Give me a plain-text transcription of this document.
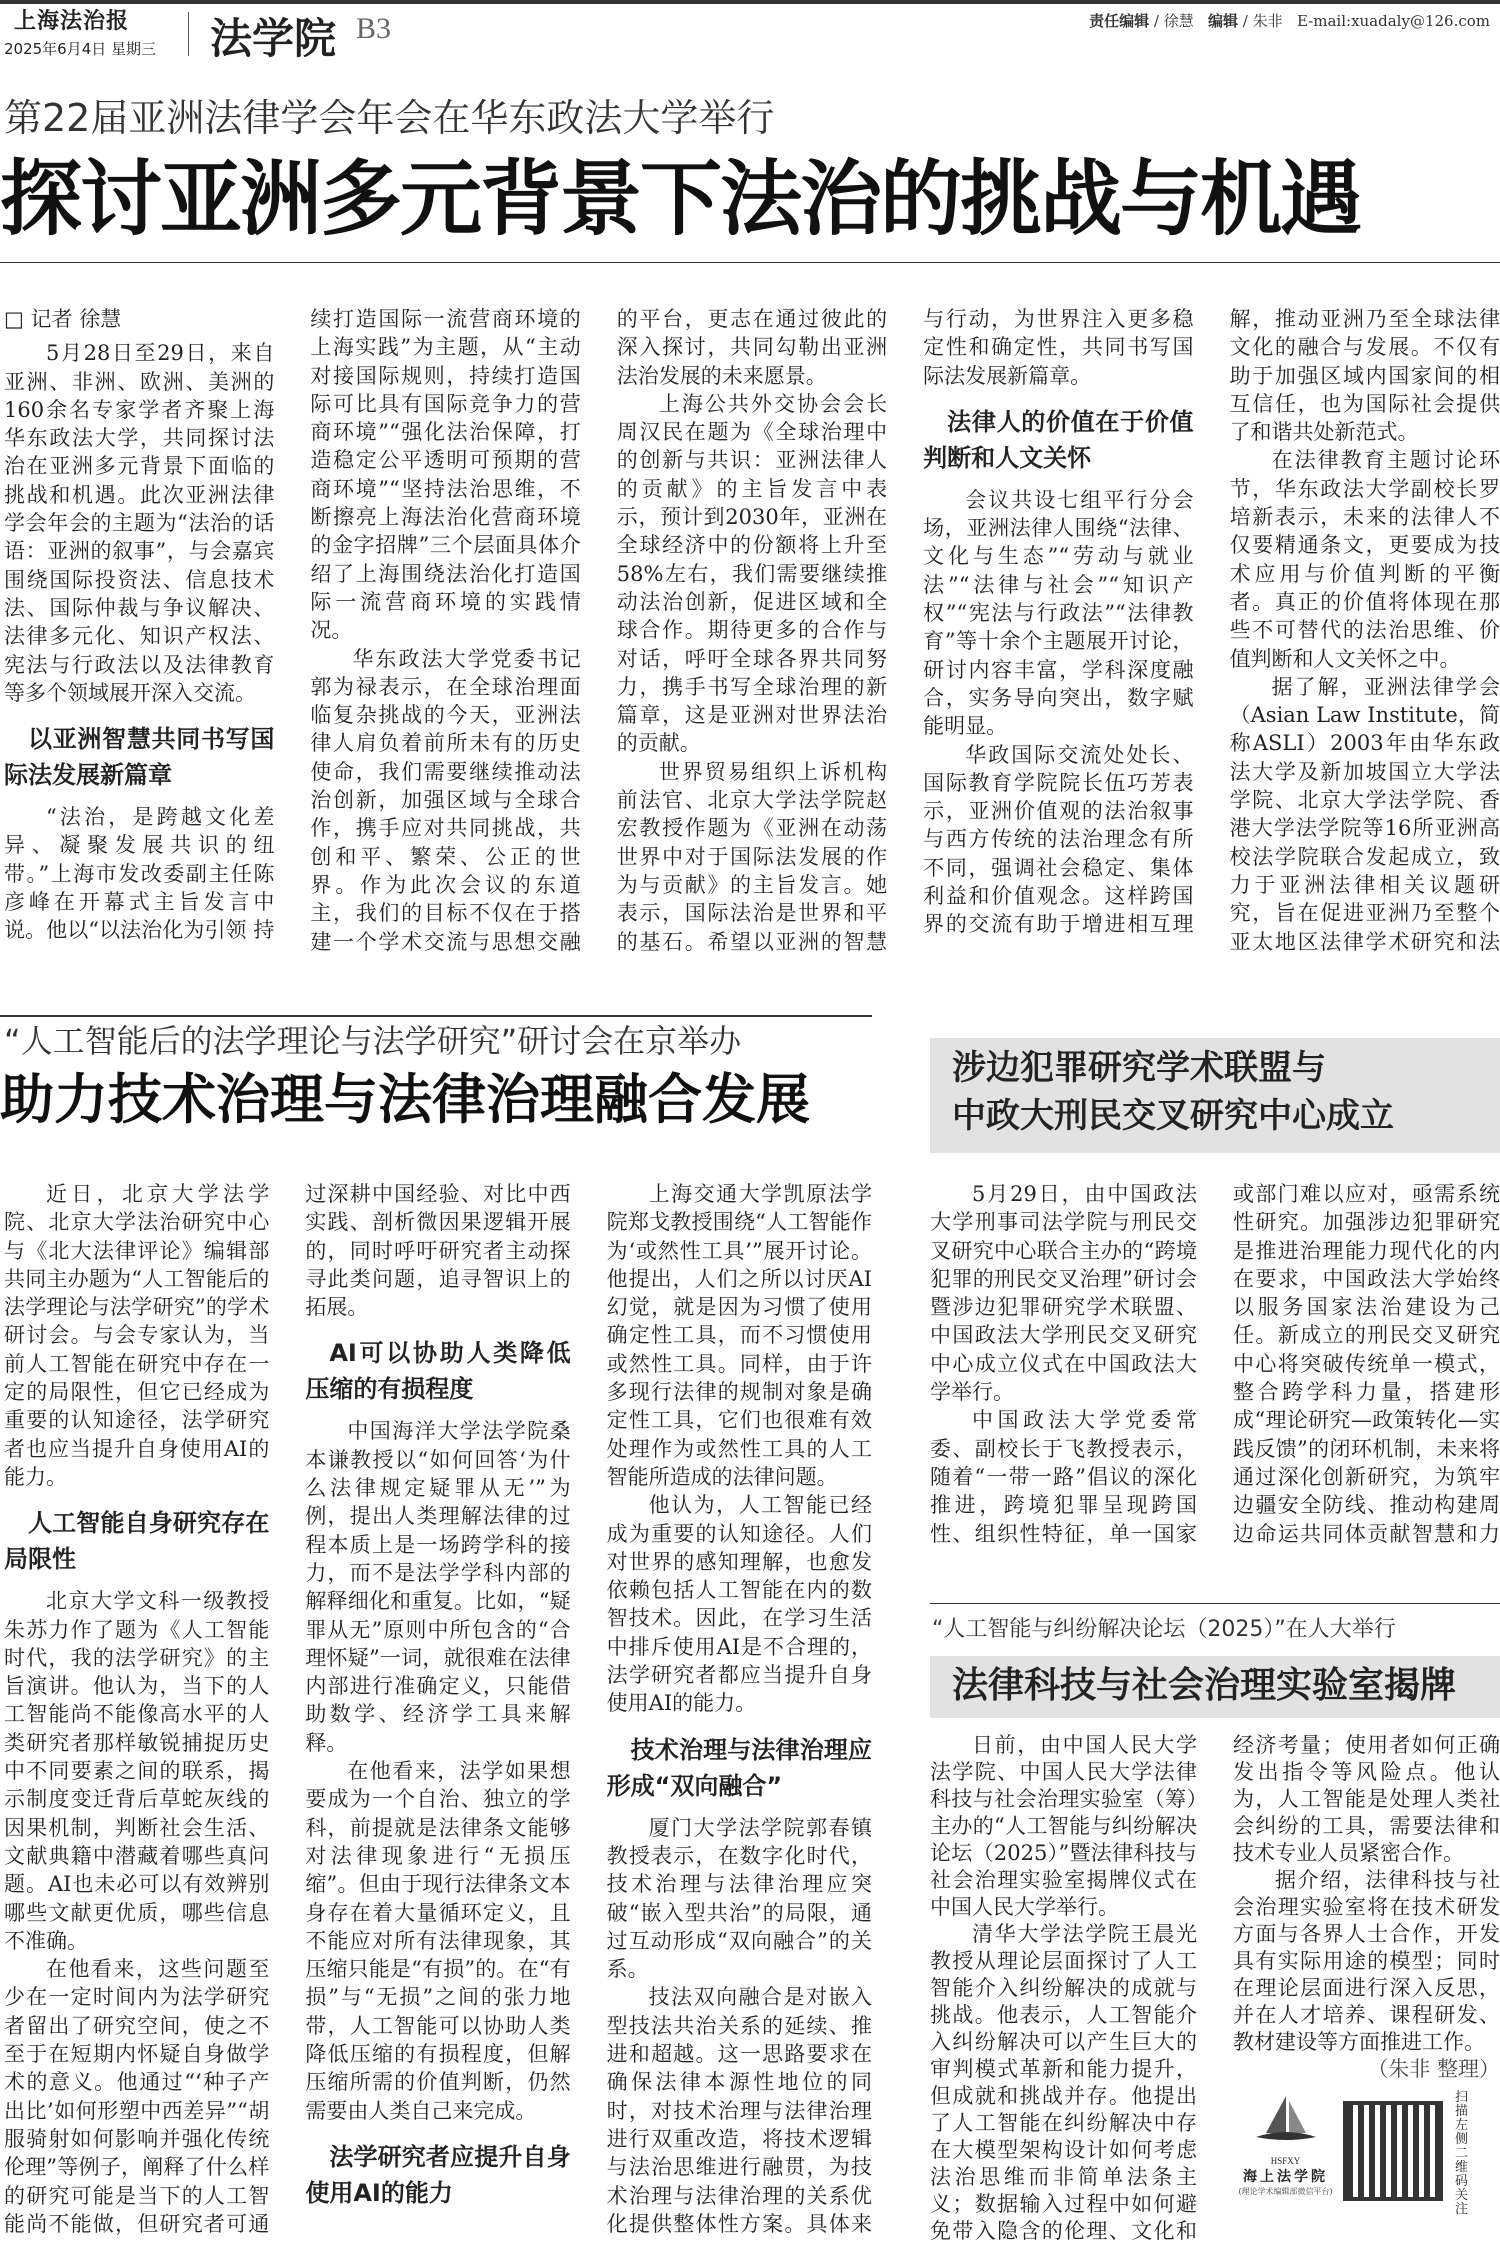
上海法治报
2025年6月4日 星期三 法学院 B3	责任编辑 / 徐慧 编辑 / 朱非 E-mail:xuadaly@126.com
第22届亚洲法律学会年会在华东政法大学举行
探讨亚洲多元背景下法治的挑战与机遇

□ 记者 徐慧

5月28日至29日，来自亚洲、非洲、欧洲、美洲的160余名专家学者齐聚上海华东政法大学，共同探讨法治在亚洲多元背景下面临的挑战和机遇。此次亚洲法律学会年会的主题为“法治的话语：亚洲的叙事”，与会嘉宾围绕国际投资法、信息技术法、国际仲裁与争议解决、法律多元化、知识产权法、宪法与行政法以及法律教育等多个领域展开深入交流。

以亚洲智慧共同书写国际法发展新篇章

“法治，是跨越文化差异、凝聚发展共识的纽带。”上海市发改委副主任陈彦峰在开幕式主旨发言中说。他以“以法治化为引领 持续打造国际一流营商环境的上海实践”为主题，从“主动对接国际规则，持续打造国际可比具有国际竞争力的营商环境”“强化法治保障，打造稳定公平透明可预期的营商环境”“坚持法治思维，不断擦亮上海法治化营商环境的金字招牌”三个层面具体介绍了上海围绕法治化打造国际一流营商环境的实践情况。

华东政法大学党委书记郭为禄表示，在全球治理面临复杂挑战的今天，亚洲法律人肩负着前所未有的历史使命，我们需要继续推动法治创新，加强区域与全球合作，携手应对共同挑战，共创和平、繁荣、公正的世界。作为此次会议的东道主，我们的目标不仅在于搭建一个学术交流与思想交融的平台，更志在通过彼此的深入探讨，共同勾勒出亚洲法治发展的未来愿景。

上海公共外交协会会长周汉民在题为《全球治理中的创新与共识：亚洲法律人的贡献》的主旨发言中表示，预计到2030年，亚洲在全球经济中的份额将上升至58%左右，我们需要继续推动法治创新，促进区域和全球合作。期待更多的合作与对话，呼吁全球各界共同努力，携手书写全球治理的新篇章，这是亚洲对世界法治的贡献。

世界贸易组织上诉机构前法官、北京大学法学院赵宏教授作题为《亚洲在动荡世界中对于国际法发展的作为与贡献》的主旨发言。她表示，国际法治是世界和平的基石。希望以亚洲的智慧与行动，为世界注入更多稳定性和确定性，共同书写国际法发展新篇章。

法律人的价值在于价值判断和人文关怀

会议共设七组平行分会场，亚洲法律人围绕“法律、文化与生态”“劳动与就业法”“法律与社会”“知识产权”“宪法与行政法”“法律教育”等十余个主题展开讨论，研讨内容丰富，学科深度融合，实务导向突出，数字赋能明显。

华政国际交流处处长、国际教育学院院长伍巧芳表示，亚洲价值观的法治叙事与西方传统的法治理念有所不同，强调社会稳定、集体利益和价值观念。这样跨国界的交流有助于增进相互理解，推动亚洲乃至全球法律文化的融合与发展。不仅有助于加强区域内国家间的相互信任，也为国际社会提供了和谐共处新范式。

在法律教育主题讨论环节，华东政法大学副校长罗培新表示，未来的法律人不仅要精通条文，更要成为技术应用与价值判断的平衡者。真正的价值将体现在那些不可替代的法治思维、价值判断和人文关怀之中。

据了解，亚洲法律学会（Asian Law Institute，简称ASLI）2003年由华东政法大学及新加坡国立大学法学院、北京大学法学院、香港大学法学院等16所亚洲高校法学院联合发起成立，致力于亚洲法律相关议题研究，旨在促进亚洲乃至整个亚太地区法律学术研究和法

“人工智能后的法学理论与法学研究”研讨会在京举办
助力技术治理与法律治理融合发展

近日，北京大学法学院、北京大学法治研究中心与《北大法律评论》编辑部共同主办题为“人工智能后的法学理论与法学研究”的学术研讨会。与会专家认为，当前人工智能在研究中存在一定的局限性，但它已经成为重要的认知途径，法学研究者也应当提升自身使用AI的能力。

人工智能自身研究存在局限性

北京大学文科一级教授朱苏力作了题为《人工智能时代，我的法学研究》的主旨演讲。他认为，当下的人工智能尚不能像高水平的人类研究者那样敏锐捕捉历史中不同要素之间的联系，揭示制度变迁背后草蛇灰线的因果机制，判断社会生活、文献典籍中潜藏着哪些真问题。AI也未必可以有效辨别哪些文献更优质，哪些信息不准确。

在他看来，这些问题至少在一定时间内为法学研究者留出了研究空间，使之不至于在短期内怀疑自身做学术的意义。他通过“‘种子产出比’如何形塑中西差异”“胡服骑射如何影响并强化传统伦理”等例子，阐释了什么样的研究可能是当下的人工智能尚不能做，但研究者可通过深耕中国经验、对比中西实践、剖析微因果逻辑开展的，同时呼吁研究者主动探寻此类问题，追寻智识上的拓展。

AI可以协助人类降低压缩的有损程度

中国海洋大学法学院桑本谦教授以“如何回答‘为什么法律规定疑罪从无’”为例，提出人类理解法律的过程本质上是一场跨学科的接力，而不是法学学科内部的解释细化和重复。比如，“疑罪从无”原则中所包含的“合理怀疑”一词，就很难在法律内部进行准确定义，只能借助数学、经济学工具来解释。

在他看来，法学如果想要成为一个自治、独立的学科，前提就是法律条文能够对法律现象进行“无损压缩”。但由于现行法律条文本身存在着大量循环定义，且不能应对所有法律现象，其压缩只能是“有损”的。在“有损”与“无损”之间的张力地带，人工智能可以协助人类降低压缩的有损程度，但解压缩所需的价值判断，仍然需要由人类自己来完成。

法学研究者应提升自身使用AI的能力

上海交通大学凯原法学院郑戈教授围绕“人工智能作为‘或然性工具’”展开讨论。他提出，人们之所以讨厌AI幻觉，就是因为习惯了使用确定性工具，而不习惯使用或然性工具。同样，由于许多现行法律的规制对象是确定性工具，它们也很难有效处理作为或然性工具的人工智能所造成的法律问题。

他认为，人工智能已经成为重要的认知途径。人们对世界的感知理解，也愈发依赖包括人工智能在内的数智技术。因此，在学习生活中排斥使用AI是不合理的，法学研究者都应当提升自身使用AI的能力。

技术治理与法律治理应形成“双向融合”

厦门大学法学院郭春镇教授表示，在数字化时代，技术治理与法律治理应突破“嵌入型共治”的局限，通过互动形成“双向融合”的关系。

技法双向融合是对嵌入型技法共治关系的延续、推进和超越。这一思路要求在确保法律本源性地位的同时，对技术治理与法律治理进行双重改造，将技术逻辑与法治思维进行融贯，为技术治理与法律治理的关系优化提供整体性方案。具体来

涉边犯罪研究学术联盟与
中政大刑民交叉研究中心成立

5月29日，由中国政法大学刑事司法学院与刑民交叉研究中心联合主办的“跨境犯罪的刑民交叉治理”研讨会暨涉边犯罪研究学术联盟、中国政法大学刑民交叉研究中心成立仪式在中国政法大学举行。

中国政法大学党委常委、副校长于飞教授表示，随着“一带一路”倡议的深化推进，跨境犯罪呈现跨国性、组织性特征，单一国家或部门难以应对，亟需系统性研究。加强涉边犯罪研究是推进治理能力现代化的内在要求，中国政法大学始终以服务国家法治建设为己任。新成立的刑民交叉研究中心将突破传统单一模式，整合跨学科力量，搭建形成“理论研究—政策转化—实践反馈”的闭环机制，未来将通过深化创新研究，为筑牢边疆安全防线、推动构建周边命运共同体贡献智慧和力

“人工智能与纠纷解决论坛（2025）”在人大举行
法律科技与社会治理实验室揭牌

日前，由中国人民大学法学院、中国人民大学法律科技与社会治理实验室（筹）主办的“人工智能与纠纷解决论坛（2025）”暨法律科技与社会治理实验室揭牌仪式在中国人民大学举行。

清华大学法学院王晨光教授从理论层面探讨了人工智能介入纠纷解决的成就与挑战。他表示，人工智能介入纠纷解决可以产生巨大的审判模式革新和能力提升，但成就和挑战并存。他提出了人工智能在纠纷解决中存在大模型架构设计如何考虑法治思维而非简单法条主义；数据输入过程中如何避免带入隐含的伦理、文化和经济考量；使用者如何正确发出指令等风险点。他认为，人工智能是处理人类社会纠纷的工具，需要法律和技术专业人员紧密合作。

据介绍，法律科技与社会治理实验室将在技术研发方面与各界人士合作，开发具有实际用途的模型；同时在理论层面进行深入反思，并在人才培养、课程研发、教材建设等方面推进工作。

（朱非 整理）

HSFXY
海上法学院
(理论学术编辑部微信平台)
扫描左侧二维码关注
